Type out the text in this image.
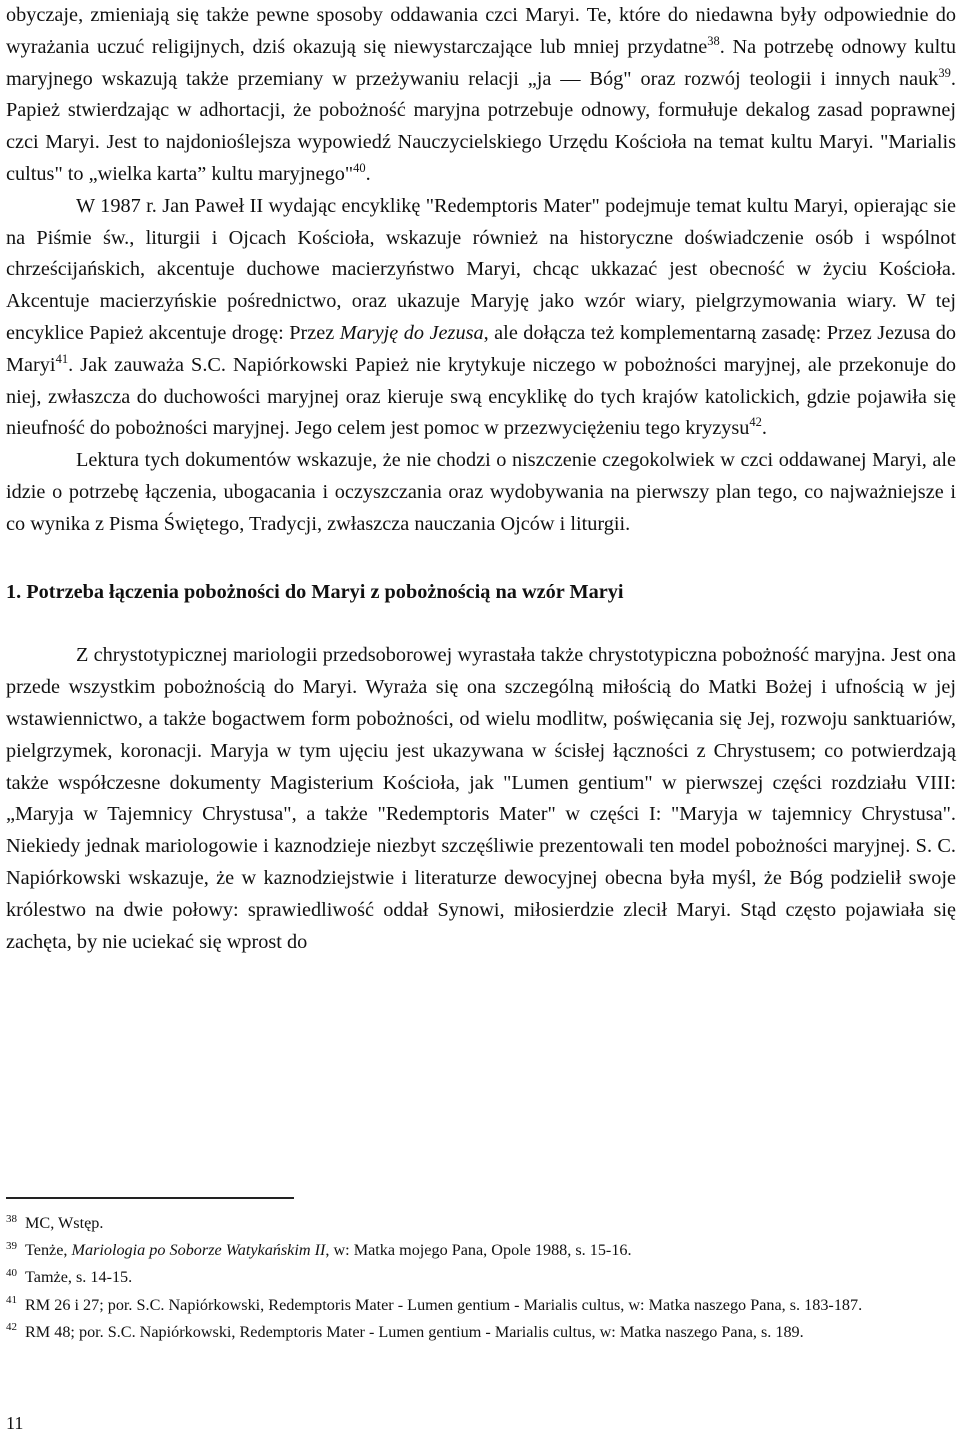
obyczaje, zmieniają się także pewne sposoby oddawania czci Maryi. Te, które do niedawna były odpowiednie do wyrażania uczuć religijnych, dziś okazują się niewystarczające lub mniej przydatne$^{38}$. Na potrzebę odnowy kultu maryjnego wskazują także przemiany w przeżywaniu relacji „ja — Bóg" oraz rozwój teologii i innych nauk$^{39}$. Papież stwierdzając w adhortacji, że pobożność maryjna potrzebuje odnowy, formułuje dekalog zasad poprawnej czci Maryi. Jest to najdonioślejsza wypowiedź Nauczycielskiego Urzędu Kościoła na temat kultu Maryi. "Marialis cultus" to „wielka karta” kultu maryjnego"$^{40}$.

W 1987 r. Jan Paweł II wydając encyklikę "Redemptoris Mater" podejmuje temat kultu Maryi, opierając sie na Piśmie św., liturgii i Ojcach Kościoła, wskazuje również na historyczne doświadczenie osób i wspólnot chrześcijańskich, akcentuje duchowe macierzyństwo Maryi, chcąc ukkazać jest obecność w życiu Kościoła. Akcentuje macierzyńskie pośrednictwo, oraz ukazuje Maryję jako wzór wiary, pielgrzymowania wiary. W tej encyklice Papież akcentuje drogę: Przez Maryję do Jezusa, ale dołącza też komplementarną zasadę: Przez Jezusa do Maryi$^{41}$. Jak zauważa S.C. Napiórkowski Papież nie krytykuje niczego w pobożności maryjnej, ale przekonuje do niej, zwłaszcza do duchowości maryjnej oraz kieruje swą encyklikę do tych krajów katolickich, gdzie pojawiła się nieufność do pobożności maryjnej. Jego celem jest pomoc w przezwyciężeniu tego kryzysu$^{42}$.

Lektura tych dokumentów wskazuje, że nie chodzi o niszczenie czegokolwiek w czci oddawanej Maryi, ale idzie o potrzebę łączenia, ubogacania i oczyszczania oraz wydobywania na pierwszy plan tego, co najważniejsze i co wynika z Pisma Świętego, Tradycji, zwłaszcza nauczania Ojców i liturgii.

1. Potrzeba łączenia pobożności do Maryi z pobożnością na wzór Maryi

Z chrystotypicznej mariologii przedsoborowej wyrastała także chrystotypiczna pobożność maryjna. Jest ona przede wszystkim pobożnością do Maryi. Wyraża się ona szczególną miłością do Matki Bożej i ufnością w jej wstawiennictwo, a także bogactwem form pobożności, od wielu modlitw, poświęcania się Jej, rozwoju sanktuariów, pielgrzymek, koronacji. Maryja w tym ujęciu jest ukazywana w ścisłej łączności z Chrystusem; co potwierdzają także współczesne dokumenty Magisterium Kościoła, jak "Lumen gentium" w pierwszej części rozdziału VIII: „Maryja w Tajemnicy Chrystusa", a także "Redemptoris Mater" w części I: "Maryja w tajemnicy Chrystusa". Niekiedy jednak mariologowie i kaznodzieje niezbyt szczęśliwie prezentowali ten model pobożności maryjnej. S. C. Napiórkowski wskazuje, że w kaznodziejstwie i literaturze dewocyjnej obecna była myśl, że Bóg podzielił swoje królestwo na dwie połowy: sprawiedliwość oddał Synowi, miłosierdzie zlecił Maryi. Stąd często pojawiała się zachęta, by nie uciekać się wprost do

$^{38}$ MC, Wstęp.

$^{39}$ Tenże, Mariologia po Soborze Watykańskim II, w: Matka mojego Pana, Opole 1988, s. 15-16.

$^{40}$ Tamże, s. 14-15.

$^{41}$ RM 26 i 27; por. S.C. Napiórkowski, Redemptoris Mater - Lumen gentium - Marialis cultus, w: Matka naszego Pana, s. 183-187.

$^{42}$ RM 48; por. S.C. Napiórkowski, Redemptoris Mater - Lumen gentium - Marialis cultus, w: Matka naszego Pana, s. 189.

11
